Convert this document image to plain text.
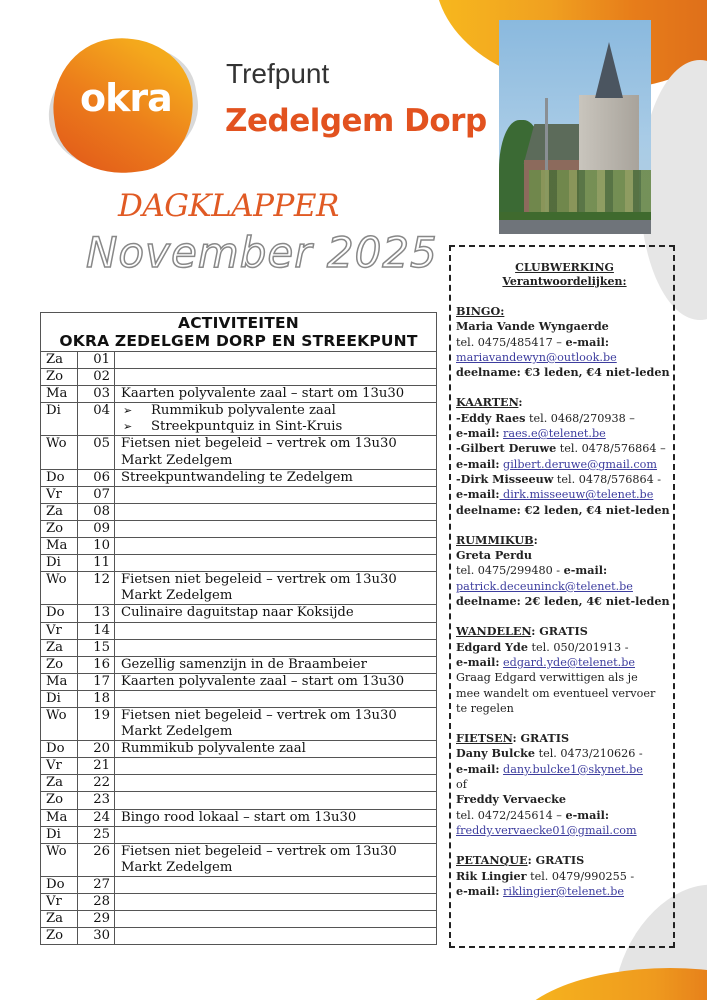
okra
Trefpunt
Zedelgem Dorp
DAGKLAPPER
November 2025
ACTIVITEITEN
OKRA ZEDELGEM DORP EN STREEKPUNT		

Za	01	
Zo	02	
Ma	03	Kaarten polyvalente zaal – start om 13u30

Di	04	➢ Rummikub polyvalente zaal
➢ Streekpuntquiz in Sint-Kruis

Wo	05	Fietsen niet begeleid – vertrek om 13u30
Markt Zedelgem

Do	06	Streekpuntwandeling te Zedelgem

Vr	07	
Za	08	
Zo	09	
Ma	10	
Di	11	
Wo	12	Fietsen niet begeleid – vertrek om 13u30
Markt Zedelgem

Do	13	Culinaire daguitstap naar Koksijde

Vr	14	
Za	15	
Zo	16	Gezellig samenzijn in de Braambeier

Ma	17	Kaarten polyvalente zaal – start om 13u30

Di	18	
Wo	19	Fietsen niet begeleid – vertrek om 13u30
Markt Zedelgem

Do	20	Rummikub polyvalente zaal

Vr	21	
Za	22	
Zo	23	
Ma	24	Bingo rood lokaal – start om 13u30

Di	25	
Wo	26	Fietsen niet begeleid – vertrek om 13u30
Markt Zedelgem

Do	27	
Vr	28	
Za	29	
Zo	30	
CLUBWERKING
Verantwoordelijken:
BINGO:
Maria Vande Wyngaerde
tel. 0475/485417 – e-mail:
mariavandewyn@outlook.be
deelname: €3 leden, €4 niet-leden
KAARTEN:
-Eddy Raes tel. 0468/270938 –
e-mail: raes.e@telenet.be
-Gilbert Deruwe tel. 0478/576864 –
e-mail: gilbert.deruwe@gmail.com
-Dirk Misseeuw tel. 0478/576864 -
e-mail: dirk.misseeuw@telenet.be
deelname: €2 leden, €4 niet-leden
RUMMIKUB:
Greta Perdu
tel. 0475/299480 - e-mail:
patrick.deceuninck@telenet.be
deelname: 2€ leden, 4€ niet-leden
WANDELEN: GRATIS
Edgard Yde tel. 050/201913 -
e-mail: edgard.yde@telenet.be
Graag Edgard verwittigen als je mee wandelt om eventueel vervoer te regelen
FIETSEN: GRATIS
Dany Bulcke tel. 0473/210626 -
e-mail: dany.bulcke1@skynet.be
of
Freddy Vervaecke
tel. 0472/245614 – e-mail:
freddy.vervaecke01@gmail.com
PETANQUE: GRATIS
Rik Lingier tel. 0479/990255 -
e-mail: riklingier@telenet.be
